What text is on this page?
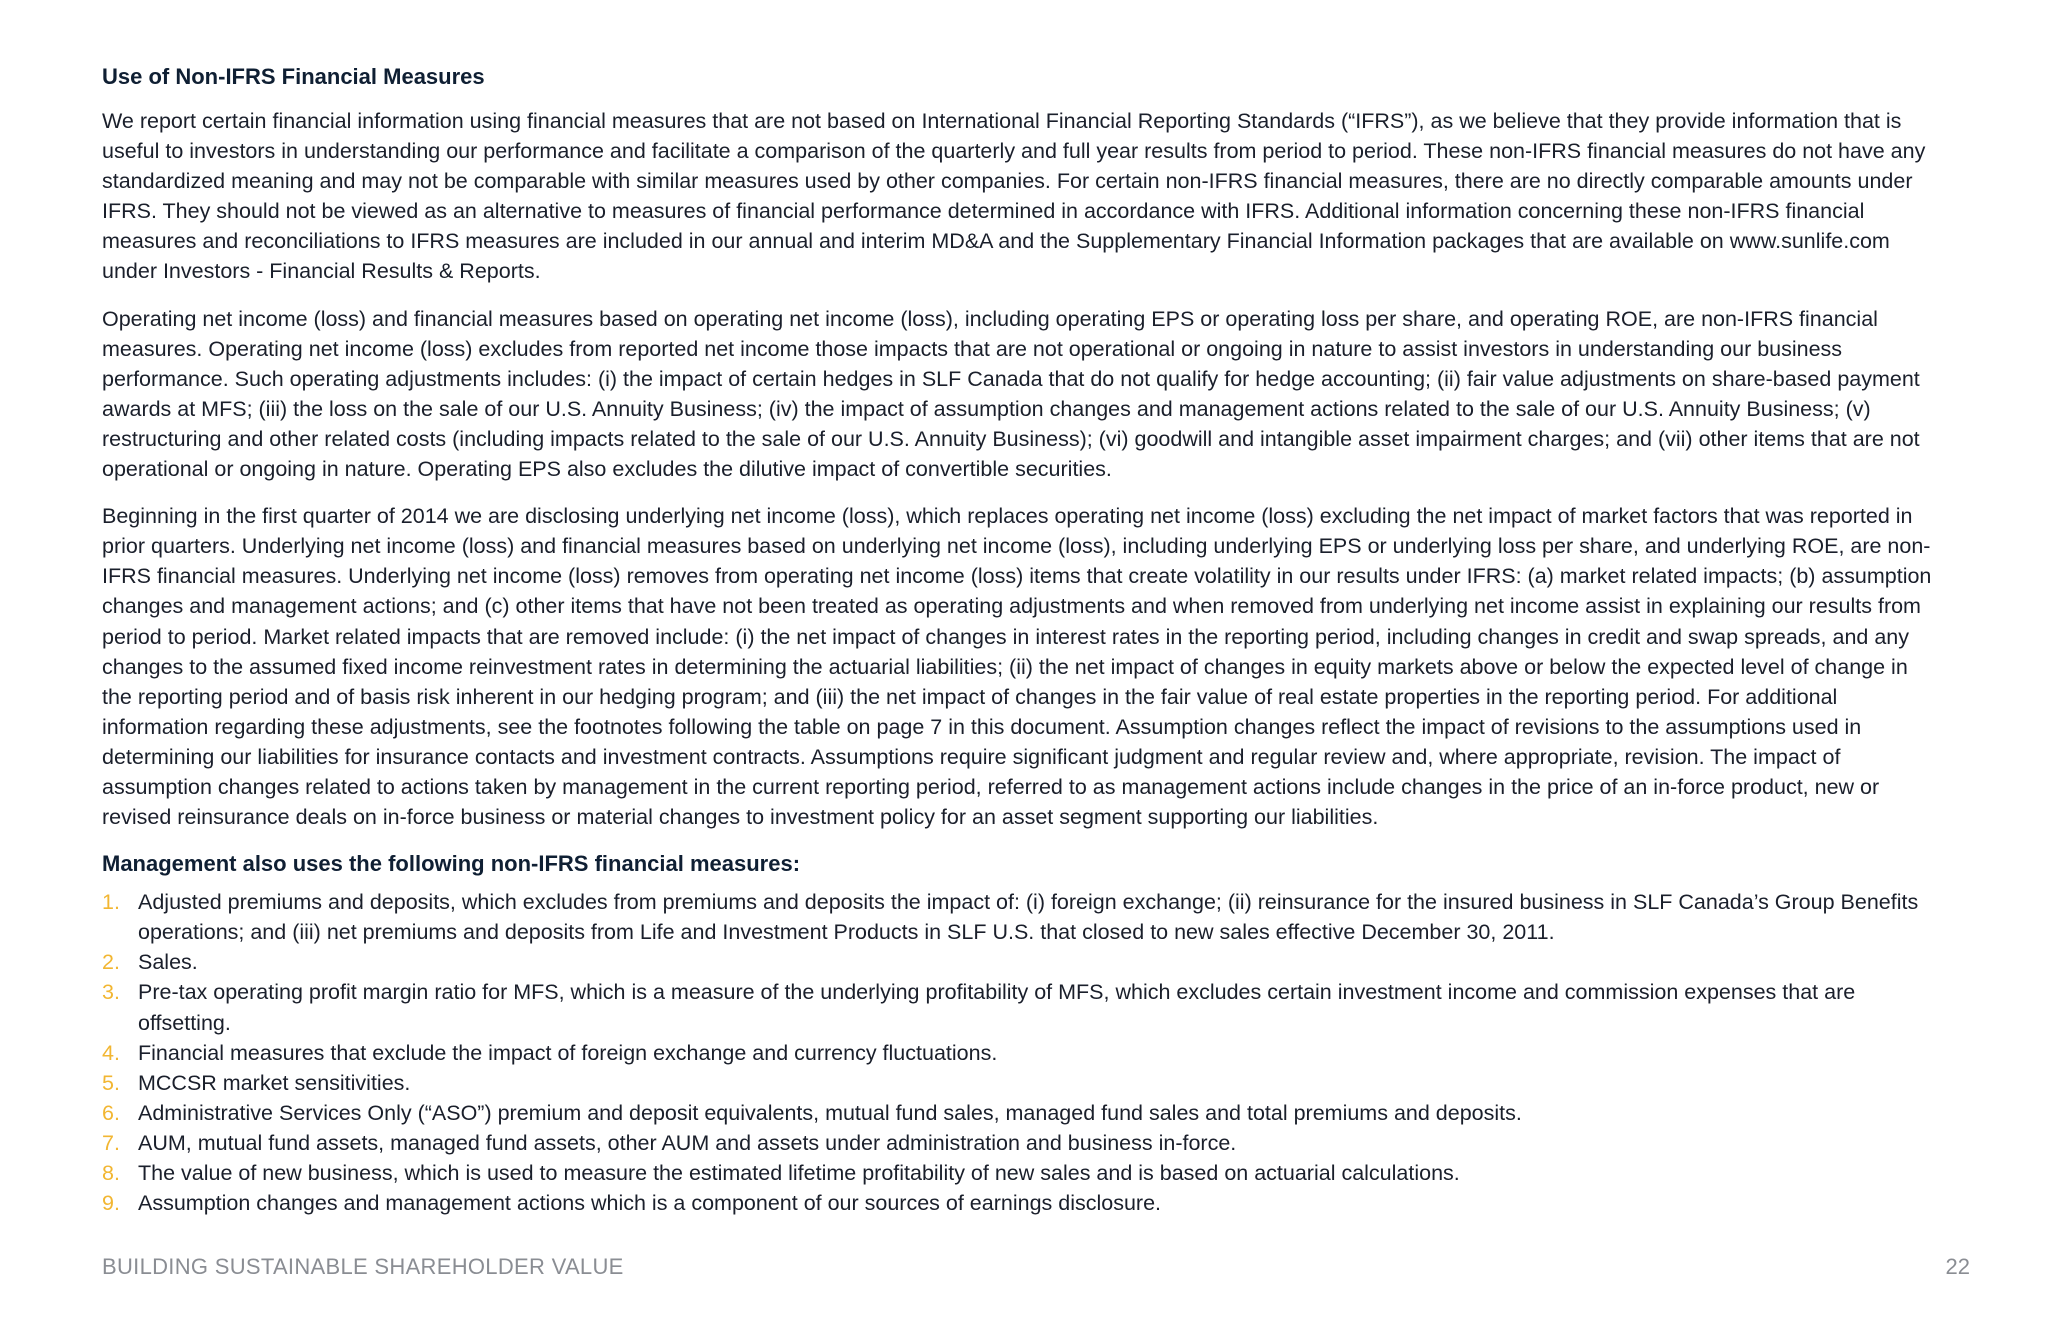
Use of Non-IFRS Financial Measures

We report certain financial information using financial measures that are not based on International Financial Reporting Standards (“IFRS”), as we believe that they provide information that is useful to investors in understanding our performance and facilitate a comparison of the quarterly and full year results from period to period. These non-IFRS financial measures do not have any standardized meaning and may not be comparable with similar measures used by other companies. For certain non-IFRS financial measures, there are no directly comparable amounts under IFRS. They should not be viewed as an alternative to measures of financial performance determined in accordance with IFRS. Additional information concerning these non-IFRS financial measures and reconciliations to IFRS measures are included in our annual and interim MD&A and the Supplementary Financial Information packages that are available on www.sunlife.com under Investors - Financial Results & Reports.

Operating net income (loss) and financial measures based on operating net income (loss), including operating EPS or operating loss per share, and operating ROE, are non-IFRS financial measures. Operating net income (loss) excludes from reported net income those impacts that are not operational or ongoing in nature to assist investors in understanding our business performance. Such operating adjustments includes: (i) the impact of certain hedges in SLF Canada that do not qualify for hedge accounting; (ii) fair value adjustments on share-based payment awards at MFS; (iii) the loss on the sale of our U.S. Annuity Business; (iv) the impact of assumption changes and management actions related to the sale of our U.S. Annuity Business; (v) restructuring and other related costs (including impacts related to the sale of our U.S. Annuity Business); (vi) goodwill and intangible asset impairment charges; and (vii) other items that are not operational or ongoing in nature. Operating EPS also excludes the dilutive impact of convertible securities.

Beginning in the first quarter of 2014 we are disclosing underlying net income (loss), which replaces operating net income (loss) excluding the net impact of market factors that was reported in prior quarters. Underlying net income (loss) and financial measures based on underlying net income (loss), including underlying EPS or underlying loss per share, and underlying ROE, are non-IFRS financial measures. Underlying net income (loss) removes from operating net income (loss) items that create volatility in our results under IFRS: (a) market related impacts; (b) assumption changes and management actions; and (c) other items that have not been treated as operating adjustments and when removed from underlying net income assist in explaining our results from period to period. Market related impacts that are removed include: (i) the net impact of changes in interest rates in the reporting period, including changes in credit and swap spreads, and any changes to the assumed fixed income reinvestment rates in determining the actuarial liabilities; (ii) the net impact of changes in equity markets above or below the expected level of change in the reporting period and of basis risk inherent in our hedging program; and (iii) the net impact of changes in the fair value of real estate properties in the reporting period. For additional information regarding these adjustments, see the footnotes following the table on page 7 in this document. Assumption changes reflect the impact of revisions to the assumptions used in determining our liabilities for insurance contacts and investment contracts. Assumptions require significant judgment and regular review and, where appropriate, revision. The impact of assumption changes related to actions taken by management in the current reporting period, referred to as management actions include changes in the price of an in-force product, new or revised reinsurance deals on in-force business or material changes to investment policy for an asset segment supporting our liabilities.

Management also uses the following non-IFRS financial measures:
1. Adjusted premiums and deposits, which excludes from premiums and deposits the impact of: (i) foreign exchange; (ii) reinsurance for the insured business in SLF Canada’s Group Benefits operations; and (iii) net premiums and deposits from Life and Investment Products in SLF U.S. that closed to new sales effective December 30, 2011.
2. Sales.
3. Pre-tax operating profit margin ratio for MFS, which is a measure of the underlying profitability of MFS, which excludes certain investment income and commission expenses that are offsetting.
4. Financial measures that exclude the impact of foreign exchange and currency fluctuations.
5. MCCSR market sensitivities.
6. Administrative Services Only (“ASO”) premium and deposit equivalents, mutual fund sales, managed fund sales and total premiums and deposits.
7. AUM, mutual fund assets, managed fund assets, other AUM and assets under administration and business in-force.
8. The value of new business, which is used to measure the estimated lifetime profitability of new sales and is based on actuarial calculations.
9. Assumption changes and management actions which is a component of our sources of earnings disclosure.
BUILDING SUSTAINABLE SHAREHOLDER VALUE	22
